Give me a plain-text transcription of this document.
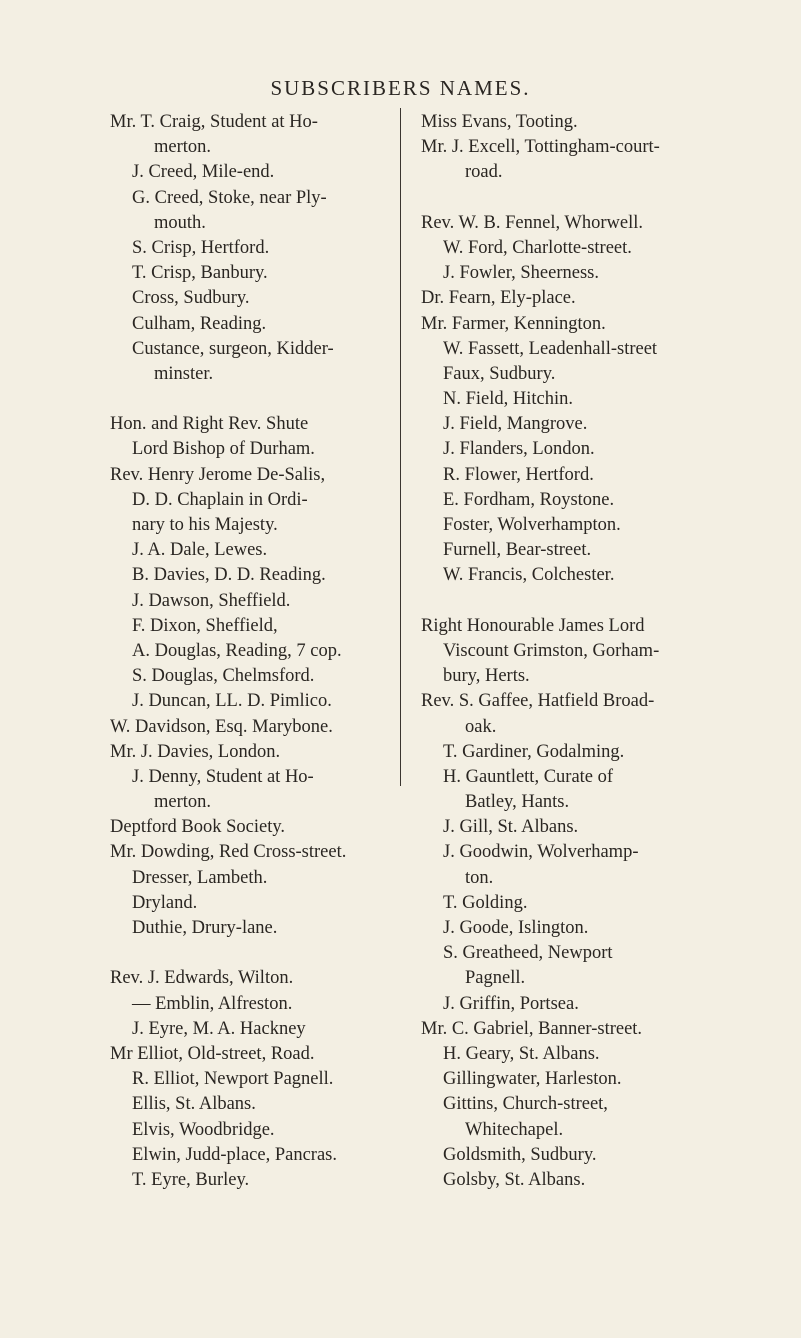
SUBSCRIBERS NAMES.
Mr. T. Craig, Student at Ho-
merton.
J. Creed, Mile-end.
G. Creed, Stoke, near Ply-
mouth.
S. Crisp, Hertford.
T. Crisp, Banbury.
Cross, Sudbury.
Culham, Reading.
Custance, surgeon, Kidder-
minster.
Hon. and Right Rev. Shute
Lord Bishop of Durham.
Rev. Henry Jerome De-Salis,
D. D. Chaplain in Ordi-
nary to his Majesty.
J. A. Dale, Lewes.
B. Davies, D. D. Reading.
J. Dawson, Sheffield.
F. Dixon, Sheffield,
A. Douglas, Reading, 7 cop.
S. Douglas, Chelmsford.
J. Duncan, LL. D. Pimlico.
W. Davidson, Esq. Marybone.
Mr. J. Davies, London.
J. Denny, Student at Ho-
merton.
Deptford Book Society.
Mr. Dowding, Red Cross-street.
Dresser, Lambeth.
Dryland.
Duthie, Drury-lane.
Rev. J. Edwards, Wilton.
— Emblin, Alfreston.
J. Eyre, M. A. Hackney
Mr Elliot, Old-street, Road.
R. Elliot, Newport Pagnell.
Ellis, St. Albans.
Elvis, Woodbridge.
Elwin, Judd-place, Pancras.
T. Eyre, Burley.
Miss Evans, Tooting.
Mr. J. Excell, Tottingham-court-
road.
Rev. W. B. Fennel, Whorwell.
W. Ford, Charlotte-street.
J. Fowler, Sheerness.
Dr. Fearn, Ely-place.
Mr. Farmer, Kennington.
W. Fassett, Leadenhall-street
Faux, Sudbury.
N. Field, Hitchin.
J. Field, Mangrove.
J. Flanders, London.
R. Flower, Hertford.
E. Fordham, Roystone.
Foster, Wolverhampton.
Furnell, Bear-street.
W. Francis, Colchester.
Right Honourable James Lord
Viscount Grimston, Gorham-
bury, Herts.
Rev. S. Gaffee, Hatfield Broad-
oak.
T. Gardiner, Godalming.
H. Gauntlett, Curate of
Batley, Hants.
J. Gill, St. Albans.
J. Goodwin, Wolverhamp-
ton.
T. Golding.
J. Goode, Islington.
S. Greatheed, Newport
Pagnell.
J. Griffin, Portsea.
Mr. C. Gabriel, Banner-street.
H. Geary, St. Albans.
Gillingwater, Harleston.
Gittins, Church-street,
Whitechapel.
Goldsmith, Sudbury.
Golsby, St. Albans.
